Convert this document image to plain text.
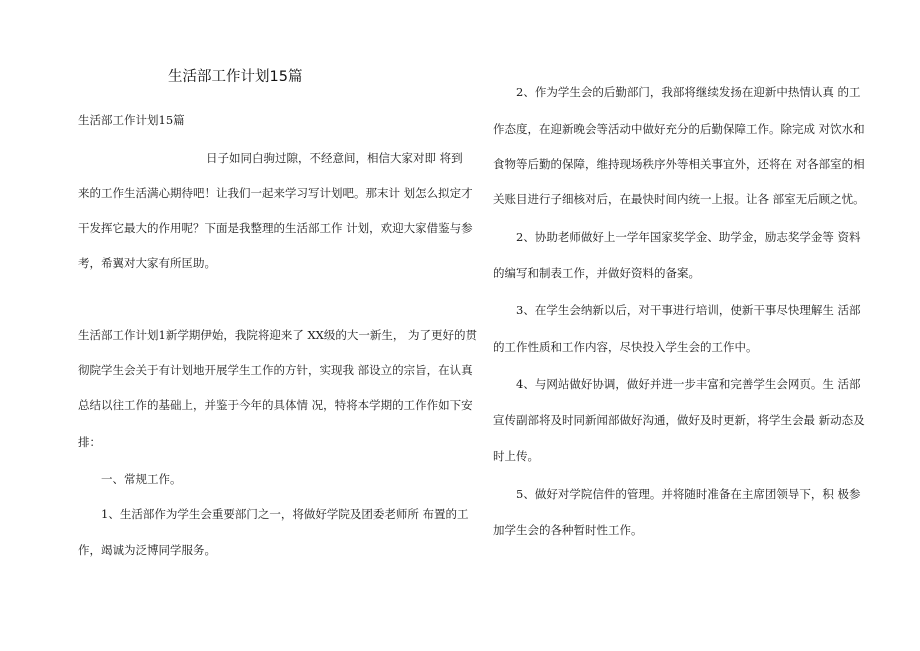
生活部工作计划15篇
生活部工作计划15篇
日子如同白驹过隙，不经意间，相信大家对即 将到
来的工作生活满心期待吧！让我们一起来学习写计划吧。那末计 划怎么拟定才
干发挥它最大的作用呢？下面是我整理的生活部工作 计划，欢迎大家借鉴与参
考，希翼对大家有所匡助。
生活部工作计划1新学期伊始，我院将迎来了 XX级的大一新生， 为了更好的贯
彻院学生会关于有计划地开展学生工作的方针，实现我 部设立的宗旨，在认真
总结以往工作的基础上，并鉴于今年的具体情 况，特将本学期的工作作如下安
排：
一、常规工作。
1、生活部作为学生会重要部门之一，将做好学院及团委老师所 布置的工
作，竭诚为泛博同学服务。
2、作为学生会的后勤部门，我部将继续发扬在迎新中热情认真 的工
作态度，在迎新晚会等活动中做好充分的后勤保障工作。除完成 对饮水和
食物等后勤的保障，维持现场秩序外等相关事宜外，还将在 对各部室的相
关账目进行子细核对后，在最快时间内统一上报。让各 部室无后顾之忧。
2、协助老师做好上一学年国家奖学金、助学金，励志奖学金等 资料
的编写和制表工作，并做好资料的备案。
3、在学生会纳新以后，对干事进行培训，使新干事尽快理解生 活部
的工作性质和工作内容，尽快投入学生会的工作中。
4、与网站做好协调，做好并进一步丰富和完善学生会网页。生 活部
宣传副部将及时同新闻部做好沟通，做好及时更新，将学生会最 新动态及
时上传。
5、做好对学院信件的管理。并将随时准备在主席团领导下，积 极参
加学生会的各种暂时性工作。
